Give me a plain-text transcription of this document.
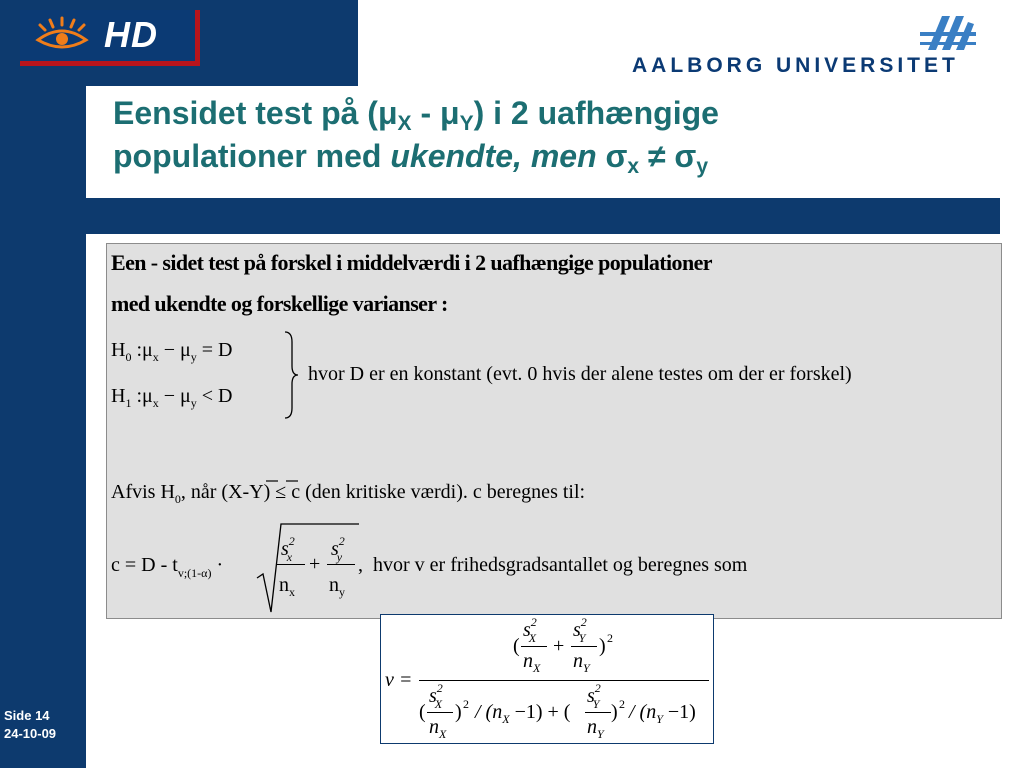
HD
AALBORG UNIVERSITET
Eensidet test på $(\mu_X - \mu_Y)$ i 2 uafhængige
populationer med ukendte, men $\sigma_x \ne \sigma_y$
Een - sidet test på forskel i middelværdi i 2 uafhængige populationer
med ukendte og forskellige varianser :
$H_0$ $:\mu_x - \mu_y = D$
$H_1$ $:\mu_x - \mu_y < D$
hvor D er en konstant (evt. 0 hvis der alene testes om der er forskel)
Afvis $H_0$, når (X-Y) ≤ c (den kritiske værdi). c beregnes til:
$c = D - t_{v;(1-\alpha)}$ ·
$s^2_x$
$n_x$
+
$s^2_y$
$n_y$
, hvor v er frihedsgradsantallet og beregnes som
v =
(
$s^2_X$
$n_X$
+
$s^2_Y$
$n_Y$
) 2
(
$s^2_X$
$n_X$
) $2 / (n_X -1)$ + (
$s^2_Y$
$n_Y$
) $2 / (n_Y -1)$
Side 14
24-10-09
